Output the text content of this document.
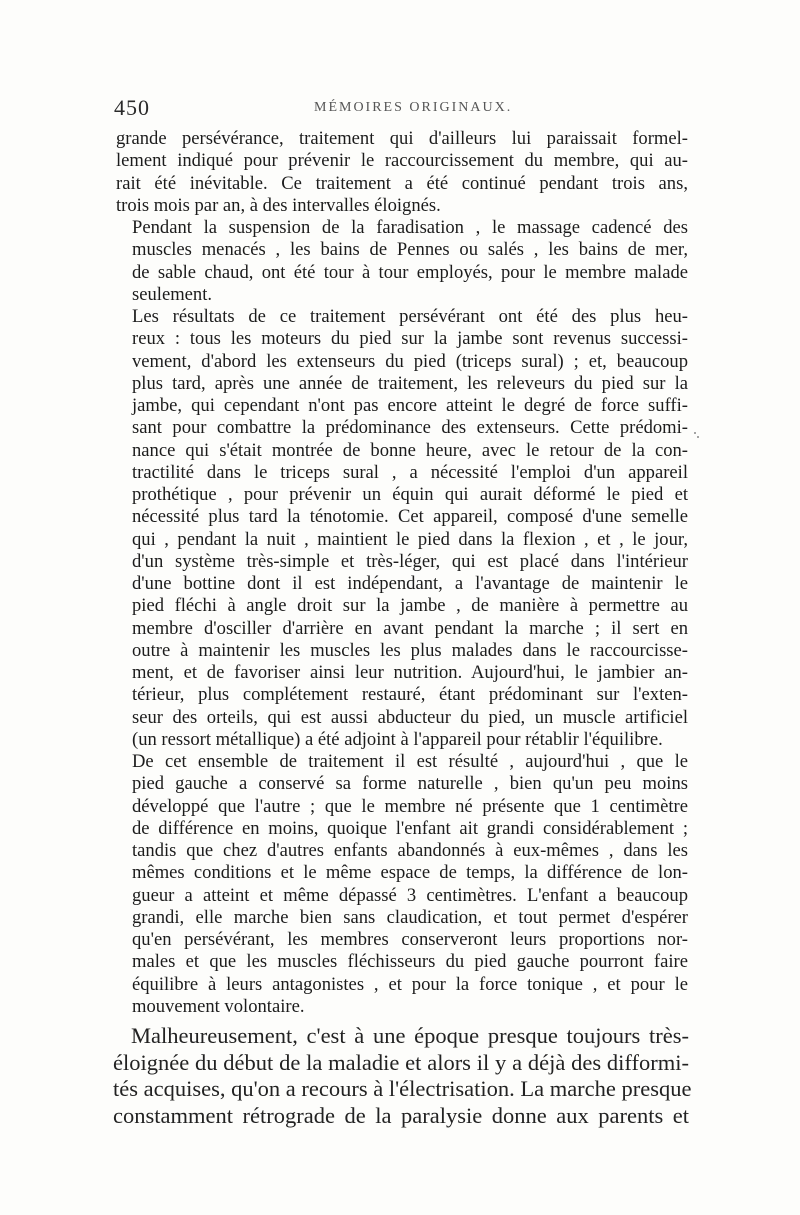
450	MÉMOIRES ORIGINAUX.

grande persévérance, traitement qui d'ailleurs lui paraissait formel-
lement indiqué pour prévenir le raccourcissement du membre, qui au-
rait été inévitable. Ce traitement a été continué pendant trois ans,
trois mois par an, à des intervalles éloignés.

Pendant la suspension de la faradisation , le massage cadencé des
muscles menacés , les bains de Pennes ou salés , les bains de mer,
de sable chaud, ont été tour à tour employés, pour le membre malade
seulement.

Les résultats de ce traitement persévérant ont été des plus heu-
reux : tous les moteurs du pied sur la jambe sont revenus successi-
vement, d'abord les extenseurs du pied (triceps sural) ; et, beaucoup
plus tard, après une année de traitement, les releveurs du pied sur la
jambe, qui cependant n'ont pas encore atteint le degré de force suffi-
sant pour combattre la prédominance des extenseurs. Cette prédomi-
nance qui s'était montrée de bonne heure, avec le retour de la con-
tractilité dans le triceps sural , a nécessité l'emploi d'un appareil
prothétique , pour prévenir un équin qui aurait déformé le pied et
nécessité plus tard la ténotomie. Cet appareil, composé d'une semelle
qui , pendant la nuit , maintient le pied dans la flexion , et , le jour,
d'un système très-simple et très-léger, qui est placé dans l'intérieur
d'une bottine dont il est indépendant, a l'avantage de maintenir le
pied fléchi à angle droit sur la jambe , de manière à permettre au
membre d'osciller d'arrière en avant pendant la marche ; il sert en
outre à maintenir les muscles les plus malades dans le raccourcisse-
ment, et de favoriser ainsi leur nutrition. Aujourd'hui, le jambier an-
térieur, plus complétement restauré, étant prédominant sur l'exten-
seur des orteils, qui est aussi abducteur du pied, un muscle artificiel
(un ressort métallique) a été adjoint à l'appareil pour rétablir l'équilibre.

De cet ensemble de traitement il est résulté , aujourd'hui , que le
pied gauche a conservé sa forme naturelle , bien qu'un peu moins
développé que l'autre ; que le membre né présente que 1 centimètre
de différence en moins, quoique l'enfant ait grandi considérablement ;
tandis que chez d'autres enfants abandonnés à eux-mêmes , dans les
mêmes conditions et le même espace de temps, la différence de lon-
gueur a atteint et même dépassé 3 centimètres. L'enfant a beaucoup
grandi, elle marche bien sans claudication, et tout permet d'espérer
qu'en persévérant, les membres conserveront leurs proportions nor-
males et que les muscles fléchisseurs du pied gauche pourront faire
équilibre à leurs antagonistes , et pour la force tonique , et pour le
mouvement volontaire.

Malheureusement, c'est à une époque presque toujours très-
éloignée du début de la maladie et alors il y a déjà des difformi-
tés acquises, qu'on a recours à l'électrisation. La marche presque
constamment rétrograde de la paralysie donne aux parents et
